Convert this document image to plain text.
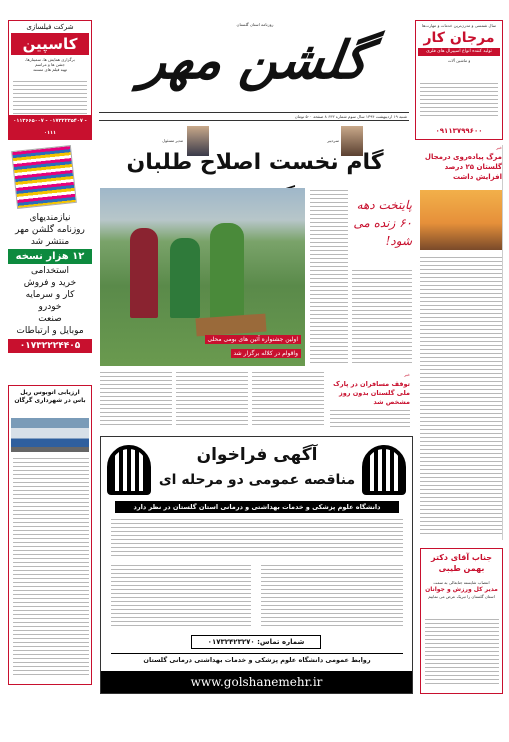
روزنامه استان گلستان
گلشن مهر
شنبه ۱۹ اردیبهشت ۱۳۹۴ سال سوم شماره ۶۴۳ ۸ صفحه ۵۰۰ تومان
سردبیر
مدیر مسئول
شرکت فیلسازی
کاسپین
برگزاری همایش ها، سمینارها،
جشن ها و مراسم
تهیه فیلم های مستند
۰۱۱۳۶۶۵۰۰۷ - ۰۱۷۳۲۲۳۵۴۰۷ - ۰۱۱۱
نیازمندیهای
روزنامه گلشن مهر
منتشر شد
۱۲ هزار نسخه
استخدامی
خرید و فروش
کار و سرمایه
خودرو
صنعت
موبایل و ارتباطات
۰۱۷۳۲۲۲۴۴۰۵
ارزیابی اتوبوس ریل باس در شهرداری گرگان
سال شمسی و مدرن‌ترین خدمات و مهارت‌ها
مرجان کار
تولید کننده انواع اسپیرال های فلزی
و ماشین آلات
۰۹۱۱۳۷۹۹۶۰۰
خبر
مرگ پیاده‌روی درمجال گلستان ۲۵ درصد افزایش داشت
گام نخست اصلاح طلبان
اولین جشنواره آئین های بومی محلی
واقوام در کلاله برگزار شد
پایتخت دهه ۶۰ زنده می شود!
خبر
توقف مسافران در پارک ملی گلستان بدون روز مشخص شد
آگهی فراخوان
مناقصه عمومی دو مرحله ای
دانشگاه علوم پزشکی و خدمات بهداشتی و درمانی استان گلستان در نظر دارد
شماره تماس: ۰۱۷۳۲۴۲۳۲۷۰
روابط عمومی دانشگاه علوم پزشکی و خدمات بهداشتی درمانی گلستان
www.golshanemehr.ir
جناب آقای دکتر بهمن طیبی
انتصاب شایسته جنابعالی به سمت
مدیر کل ورزش و جوانان
استان گلستان را تبریک عرض می نماییم
